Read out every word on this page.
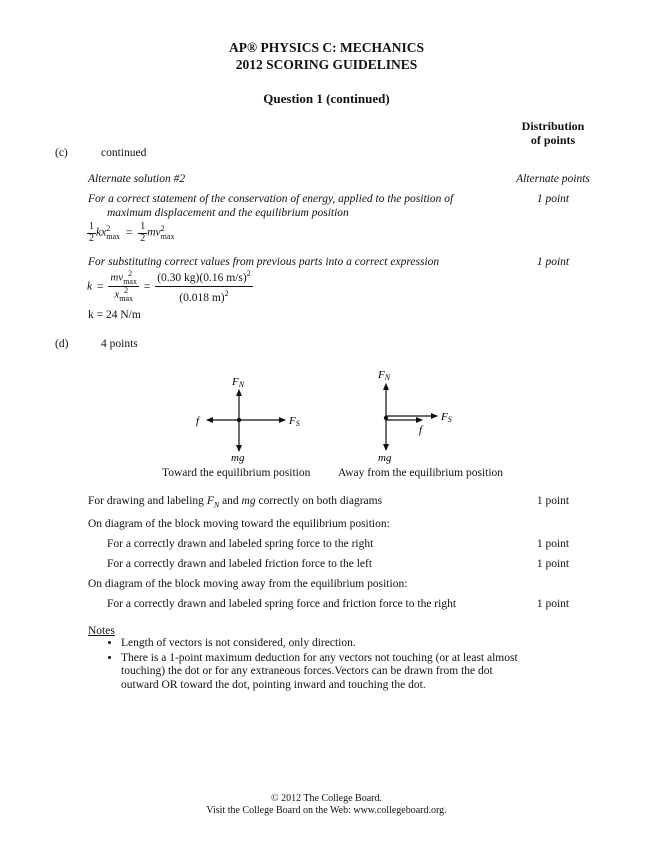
AP® PHYSICS C: MECHANICS
2012 SCORING GUIDELINES
Question 1 (continued)
Distribution
of points
(c)	continued
Alternate solution #2	Alternate points
For a correct statement of the conservation of energy, applied to the position of
maximum displacement and the equilibrium position
1 point
$\frac{1}{2}$ kx 2
$\max = \frac{1}{2}$ mv 2
max
For substituting correct values from previous parts into a correct expression	1 point
k = mv 2
max
x 2
$\max = \frac{(0.30 kg)(0.16 m/s)^2}{(0.018 m)^2}$
k = 24 N/m
(d)	4 points
FN
FS
f
mg
FN
FS
f
mg
Toward the equilibrium position Away from the equilibrium position
For drawing and labeling $F_N$ and mg correctly on both diagrams	1 point
On diagram of the block moving toward the equilibrium position:
For a correctly drawn and labeled spring force to the right	1 point
For a correctly drawn and labeled friction force to the left	1 point
On diagram of the block moving away from the equilibrium position:
For a correctly drawn and labeled spring force and friction force to the right	1 point
Notes
• Length of vectors is not considered, only direction.
• There is a 1-point maximum deduction for any vectors not touching (or at least almost touching) the dot or for any extraneous forces.Vectors can be drawn from the dot outward OR toward the dot, pointing inward and touching the dot.
© 2012 The College Board.
Visit the College Board on the Web: www.collegeboard.org.
